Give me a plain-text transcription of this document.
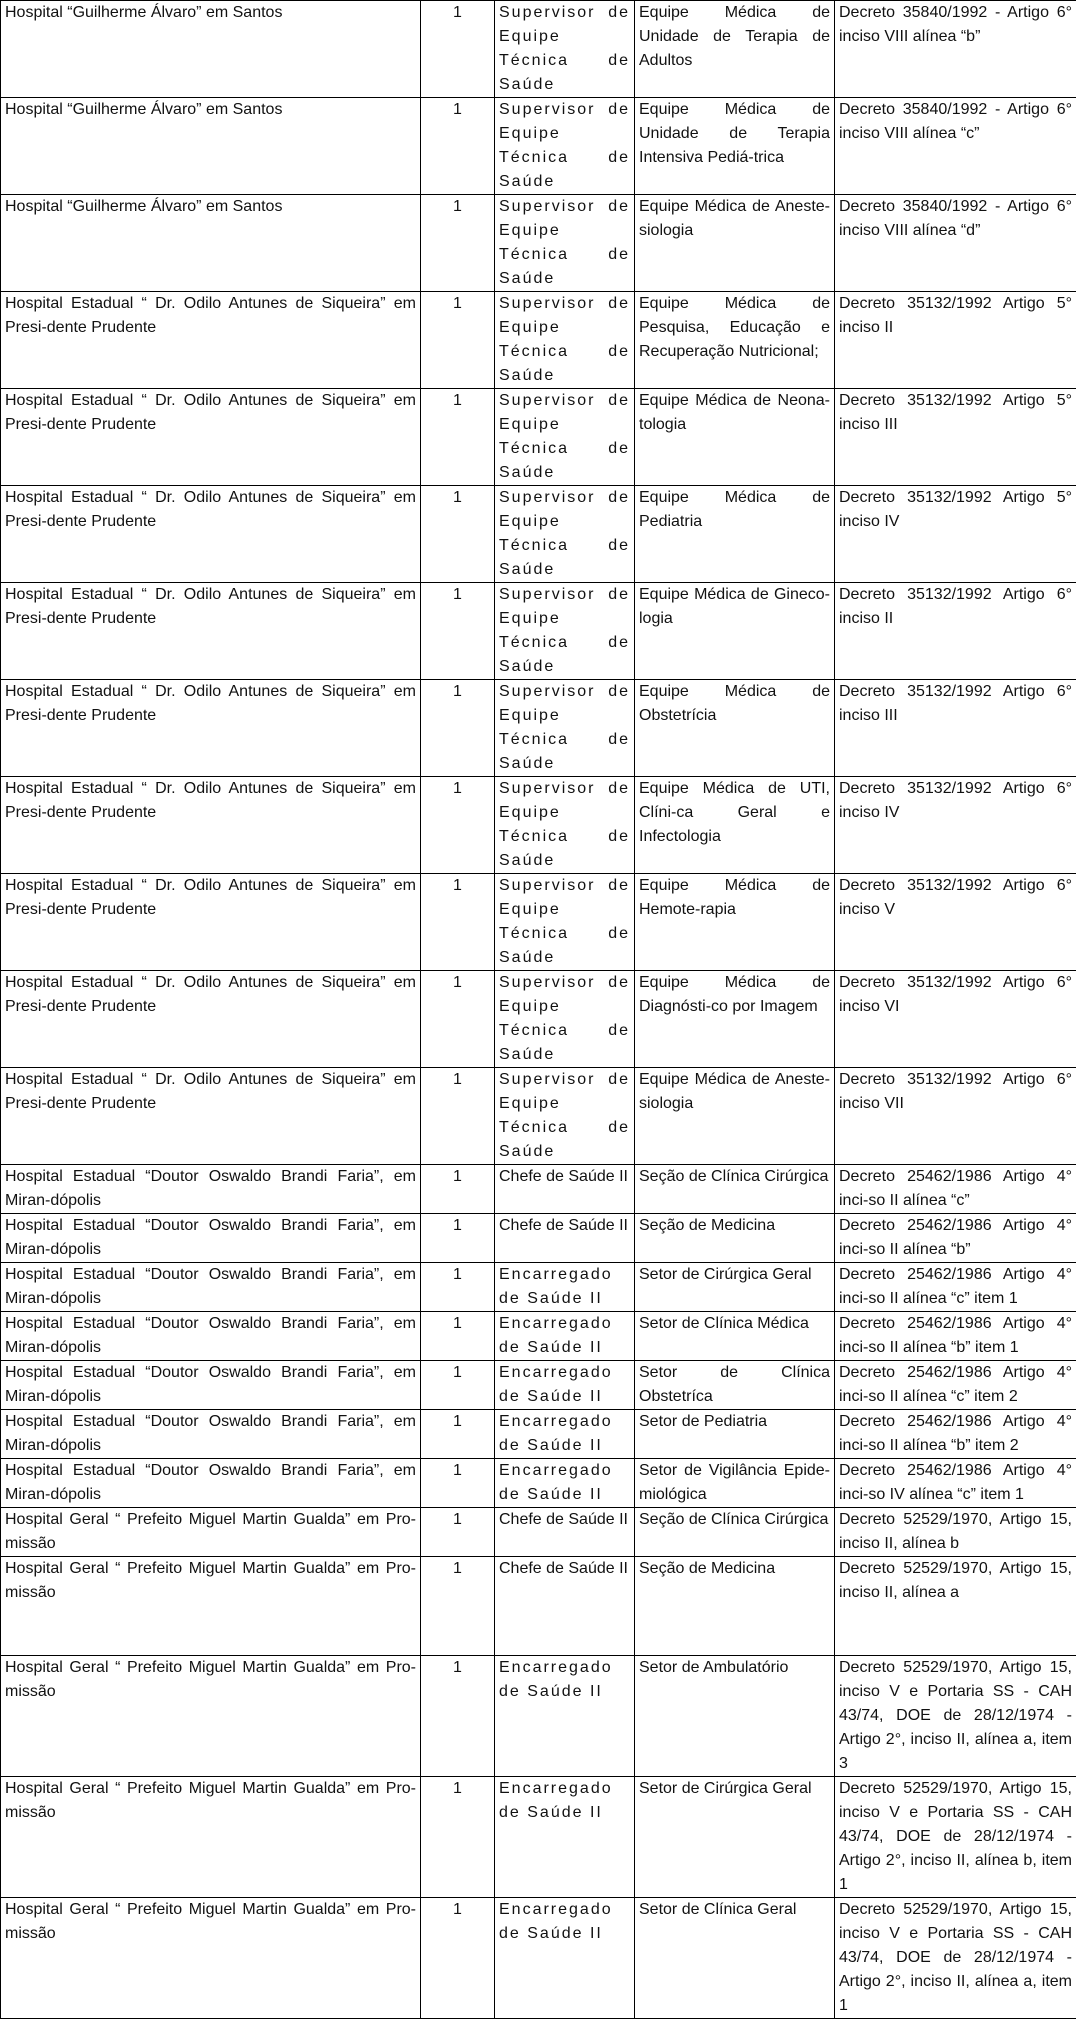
Hospital “Guilherme Álvaro” em Santos	1	Supervisor de Equipe Técnica de Saúde	Equipe Médica de Unidade de Terapia de Adultos	Decreto 35840/1992 - Artigo 6° inciso VIII alínea “b”
Hospital “Guilherme Álvaro” em Santos	1	Supervisor de Equipe Técnica de Saúde	Equipe Médica de Unidade de Terapia Intensiva Pediá-trica	Decreto 35840/1992 - Artigo 6° inciso VIII alínea “c”
Hospital “Guilherme Álvaro” em Santos	1	Supervisor de Equipe Técnica de Saúde	Equipe Médica de Aneste-siologia	Decreto 35840/1992 - Artigo 6° inciso VIII alínea “d”
Hospital Estadual “ Dr. Odilo Antunes de Siqueira” em Presi-dente Prudente	1	Supervisor de Equipe Técnica de Saúde	Equipe Médica de Pesquisa, Educação e Recuperação Nutricional;	Decreto 35132/1992 Artigo 5° inciso II
Hospital Estadual “ Dr. Odilo Antunes de Siqueira” em Presi-dente Prudente	1	Supervisor de Equipe Técnica de Saúde	Equipe Médica de Neona-tologia	Decreto 35132/1992 Artigo 5° inciso III
Hospital Estadual “ Dr. Odilo Antunes de Siqueira” em Presi-dente Prudente	1	Supervisor de Equipe Técnica de Saúde	Equipe Médica de Pediatria	Decreto 35132/1992 Artigo 5° inciso IV
Hospital Estadual “ Dr. Odilo Antunes de Siqueira” em Presi-dente Prudente	1	Supervisor de Equipe Técnica de Saúde	Equipe Médica de Gineco-logia	Decreto 35132/1992 Artigo 6° inciso II
Hospital Estadual “ Dr. Odilo Antunes de Siqueira” em Presi-dente Prudente	1	Supervisor de Equipe Técnica de Saúde	Equipe Médica de Obstetrícia	Decreto 35132/1992 Artigo 6° inciso III
Hospital Estadual “ Dr. Odilo Antunes de Siqueira” em Presi-dente Prudente	1	Supervisor de Equipe Técnica de Saúde	Equipe Médica de UTI, Clíni-ca Geral e Infectologia	Decreto 35132/1992 Artigo 6° inciso IV
Hospital Estadual “ Dr. Odilo Antunes de Siqueira” em Presi-dente Prudente	1	Supervisor de Equipe Técnica de Saúde	Equipe Médica de Hemote-rapia	Decreto 35132/1992 Artigo 6° inciso V
Hospital Estadual “ Dr. Odilo Antunes de Siqueira” em Presi-dente Prudente	1	Supervisor de Equipe Técnica de Saúde	Equipe Médica de Diagnósti-co por Imagem	Decreto 35132/1992 Artigo 6° inciso VI
Hospital Estadual “ Dr. Odilo Antunes de Siqueira” em Presi-dente Prudente	1	Supervisor de Equipe Técnica de Saúde	Equipe Médica de Aneste-siologia	Decreto 35132/1992 Artigo 6° inciso VII
Hospital Estadual “Doutor Oswaldo Brandi Faria”, em Miran-dópolis	1	Chefe de Saúde II	Seção de Clínica Cirúrgica	Decreto 25462/1986 Artigo 4° inci-so II alínea “c”
Hospital Estadual “Doutor Oswaldo Brandi Faria”, em Miran-dópolis	1	Chefe de Saúde II	Seção de Medicina	Decreto 25462/1986 Artigo 4° inci-so II alínea “b”
Hospital Estadual “Doutor Oswaldo Brandi Faria”, em Miran-dópolis	1	Encarregado de Saúde II	Setor de Cirúrgica Geral	Decreto 25462/1986 Artigo 4° inci-so II alínea “c” item 1
Hospital Estadual “Doutor Oswaldo Brandi Faria”, em Miran-dópolis	1	Encarregado de Saúde II	Setor de Clínica Médica	Decreto 25462/1986 Artigo 4° inci-so II alínea “b” item 1
Hospital Estadual “Doutor Oswaldo Brandi Faria”, em Miran-dópolis	1	Encarregado de Saúde II	Setor de Clínica Obstetríca	Decreto 25462/1986 Artigo 4° inci-so II alínea “c” item 2
Hospital Estadual “Doutor Oswaldo Brandi Faria”, em Miran-dópolis	1	Encarregado de Saúde II	Setor de Pediatria	Decreto 25462/1986 Artigo 4° inci-so II alínea “b” item 2
Hospital Estadual “Doutor Oswaldo Brandi Faria”, em Miran-dópolis	1	Encarregado de Saúde II	Setor de Vigilância Epide-miológica	Decreto 25462/1986 Artigo 4° inci-so IV alínea “c” item 1
Hospital Geral “ Prefeito Miguel Martin Gualda” em Pro-missão	1	Chefe de Saúde II	Seção de Clínica Cirúrgica	Decreto 52529/1970, Artigo 15, inciso II, alínea b
Hospital Geral “ Prefeito Miguel Martin Gualda” em Pro-missão	1	Chefe de Saúde II	Seção de Medicina	Decreto 52529/1970, Artigo 15, inciso II, alínea a
Hospital Geral “ Prefeito Miguel Martin Gualda” em Pro-missão	1	Encarregado de Saúde II	Setor de Ambulatório	Decreto 52529/1970, Artigo 15, inciso V e Portaria SS - CAH 43/74, DOE de 28/12/1974 - Artigo 2°, inciso II, alínea a, item 3
Hospital Geral “ Prefeito Miguel Martin Gualda” em Pro-missão	1	Encarregado de Saúde II	Setor de Cirúrgica Geral	Decreto 52529/1970, Artigo 15, inciso V e Portaria SS - CAH 43/74, DOE de 28/12/1974 - Artigo 2°, inciso II, alínea b, item 1
Hospital Geral “ Prefeito Miguel Martin Gualda” em Pro-missão	1	Encarregado de Saúde II	Setor de Clínica Geral	Decreto 52529/1970, Artigo 15, inciso V e Portaria SS - CAH 43/74, DOE de 28/12/1974 - Artigo 2°, inciso II, alínea a, item 1
